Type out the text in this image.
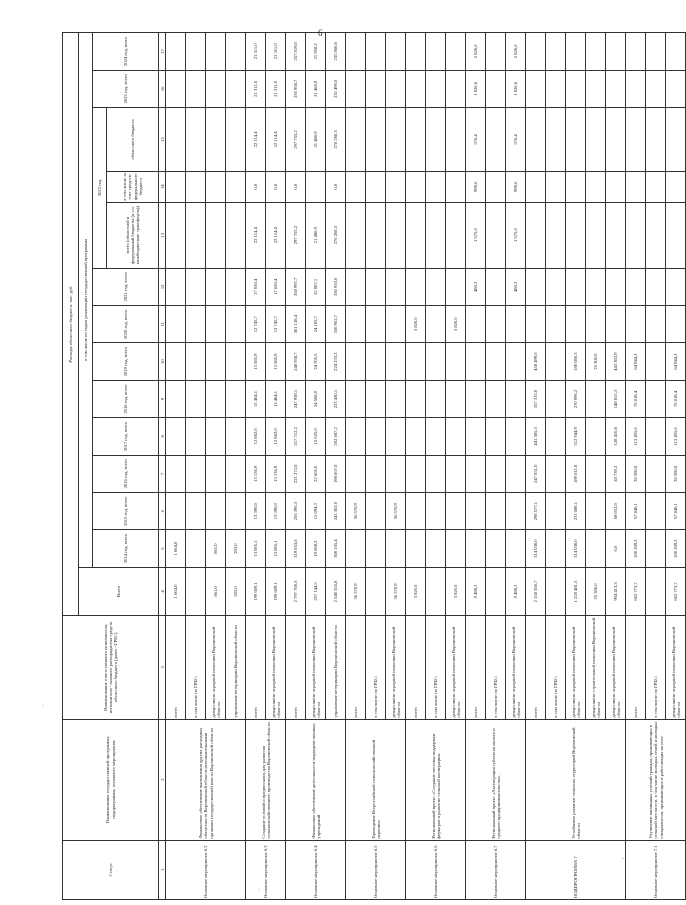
6
Статус	Наименование государственной программы, подпрограммы, основного мероприятия	Наименование ответственного исполнителя, исполнителя - главного распорядителя средств областного бюджета (далее - ГРБС)	Расходы областного бюджета, тыс. руб.													
			Всего	в том числе по годам реализации государственной программы												
				2014 год, всего	2015 год, всего	2016 год, всего	2017 год, всего	2018 год, всего	2019 год, всего	2020 год, всего	2021 год, всего	2022 год			2023 год, всего	2024 год, всего
												всего (областной и федеральный бюджеты (в т.ч. межбюджетные трансферты))	в том числе за счет средств: федерального бюджета	областного бюджета		
1	2	3	4	5	6	7	8	9	10	11	12	13	14	15	16	17
Основное мероприятие 6.2	Финансовое обеспечение выполнения других расходных обязательств Воронежской области исполнительными органами государственной власти Воронежской области	всего	1 064,0	1 064,0												
		в том числе по ГРБС:														
		департамент аграрной политики Воронежской области	861,0	861,0												
		управление ветеринарии Воронежской области	203,0	203,0												
Основное мероприятие 6.3	Создание условий и предпосылок для развития сельскохозяйственного производства Воронежской области	всего	199 609,1	13 085,1	13 390,0	13 136,9	12 882,0	13 464,1	13 585,9	12 745,7	17 650,4	22 114,4	0,0	22 114,4	21 311,0	21 311,0
		департамент аграрной политики Воронежской области	199 609,1	13 085,1	13 390,0	13 136,9	12 882,0	13 464,1	13 585,9	12 745,7	17 650,4	22 114,4	0,0	22 114,4	21 311,0	21 311,0
Основное мероприятие 6.4	Финансовое обеспечение деятельности подведомственных учреждений	всего	2 797 700,3	319 853,6	256 396,3	221 272,0	217 712,2	247 938,1	248 938,7	361 138,4	358 997,7	297 755,2	0,0	297 755,2	256 958,7	257 819,0
		департамент аграрной политики Воронежской области	257 144,5	19 688,3	15 094,3	22 605,0	15 025,0	24 508,0	24 705,5	24 185,7	22 087,1	21 486,9		21 486,9	21 468,9	21 958,2
		управление ветеринарии Воронежской области	2 540 555,8	300 165,4	241 302,0	198 667,0	202 687,2	223 430,1	224 233,2	336 952,7	336 910,6	276 268,3	0,0	276 268,3	235 490,0	235 860,8
Основное мероприятие 6.5	Проведение Всероссийской сельскохозяйственной переписи	всего	36 570,9		36 570,9											
		в том числе по ГРБС:														
		департамент аграрной политики Воронежской области	36 570,9		36 570,9											
Основное мероприятие 6.6	Региональный проект «Создание системы поддержки фермеров и развитие сельской кооперации»	всего	3 826,6							3 826,6						
		в том числе по ГРБС:														
		департамент аграрной политики Воронежской области	3 826,6							3 826,6						
Основное мероприятие 6.7	Региональный проект «Акселерация субъектов малого и среднего предпринимательства»	всего	9 498,2								480,2	1 575,0	998,6	576,4	1 826,6	5 826,6
		в том числе по ГРБС:														
		департамент аграрной политики Воронежской области	9 498,2								480,2	1 575,0	998,6	576,4	1 826,6	5 826,6
ПОДПРОГРАММА 7	Устойчивое развитие сельских территорий Воронежской области	всего	2 158 350,7	314 030,0	298 577,1	247 051,0	441 305,3	357 315,0	458 499,6							
		в том числе по ГРБС:														
		департамент аграрной политики Воронежской области	1 228 481,5	314 030,0	231 088,1	189 611,8	312 944,9	270 096,2	180 086,3							
		департамент строительной политики Воронежской области	25 300,0						25 300,0							
		департамент аграрной политики Воронежской области	904 413,3	0,0	68 052,0	38 739,2	128 410,8	148 815,3	443 302,9							
Основное мероприятие 7.1	Улучшение жилищных условий граждан, проживающих в сельской местности, в том числе молодых семей и молодых специалистов, проживающих и работающих на селе	всего	602 773,7	100 209,2	57 846,1	30 580,0	113 455,6	76 018,4	64 944,3							
		в том числе по ГРБС:														
		департамент аграрной политики Воронежской области	602 773,7	100 209,2	57 846,1	30 580,0	113 455,6	76 018,4	64 944,3							
.
.
-
